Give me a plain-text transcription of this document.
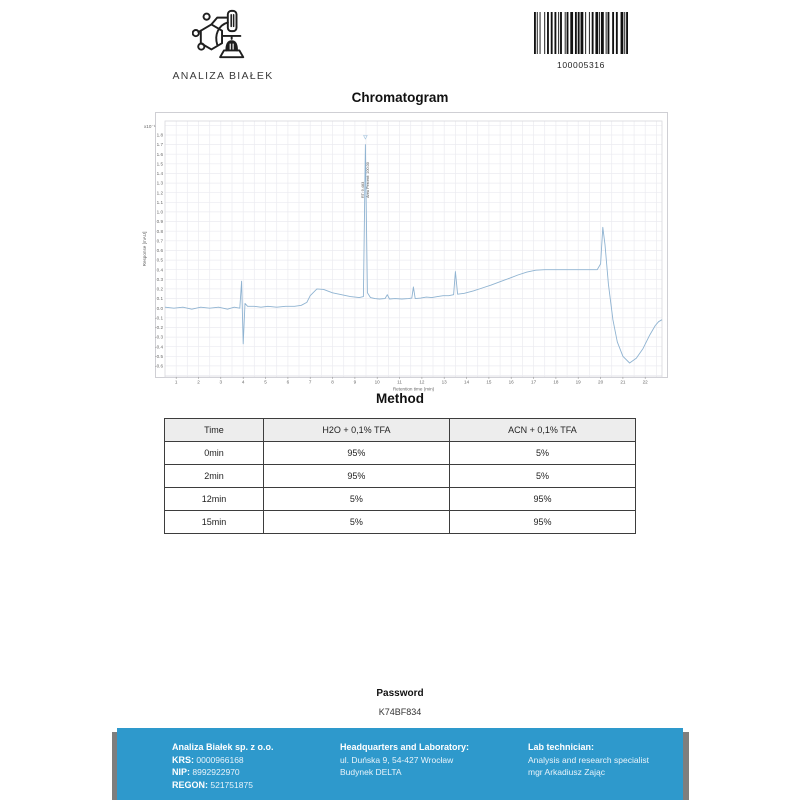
ANALIZA BIAŁEK
100005316
Chromatogram
-0.6
-0.5
-0.4
-0.3
-0.2
-0.1
0.0
0.1
0.2
0.3
0.4
0.5
0.6
0.7
0.8
0.9
1.0
1.1
1.2
1.3
1.4
1.5
1.6
1.7
1.8
x10⁻¹
1	2	3	4	5	6	7	8	9	10	11	12	13	14	15	16	17	18	19	20	21	22
Retention time (min)
Response [mAU]
RT: 9.483 Area Percent: 100.00
Method
Time	H2O + 0,1% TFA	ACN + 0,1% TFA
0min	95%	5%
2min	95%	5%
12min	5%	95%
15min	5%	95%
Password
K74BF834
Analiza Białek sp. z o.o.
KRS: 0000966168
NIP: 8992922970
REGON: 521751875
Headquarters and Laboratory:
ul. Duńska 9, 54-427 Wrocław
Budynek DELTA
Lab technician:
Analysis and research specialist
mgr Arkadiusz Zając
